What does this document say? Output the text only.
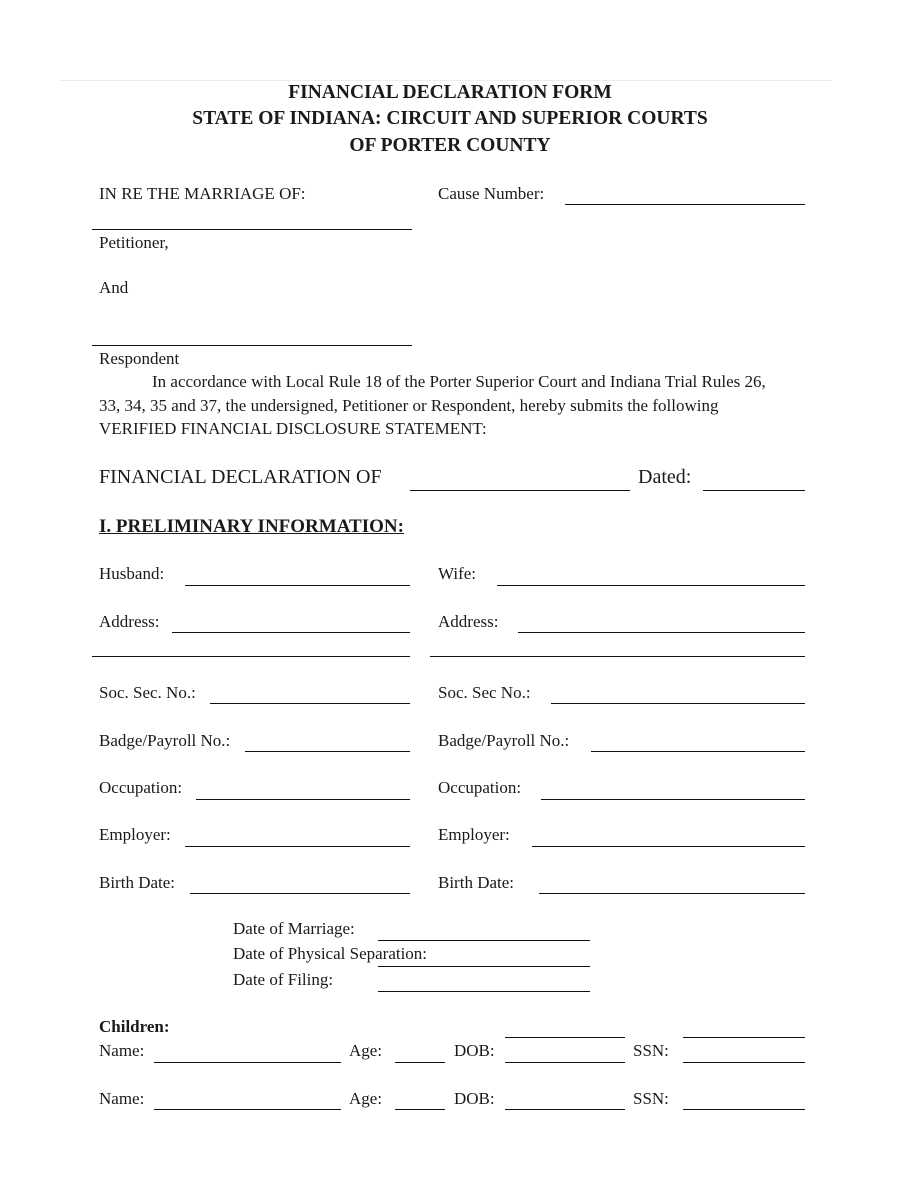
FINANCIAL DECLARATION FORM
STATE OF INDIANA: CIRCUIT AND SUPERIOR COURTS
OF PORTER COUNTY
IN RE THE MARRIAGE OF:	Cause Number:
Petitioner,
And
Respondent
In accordance with Local Rule 18 of the Porter Superior Court and Indiana Trial Rules 26,
33, 34, 35 and 37, the undersigned, Petitioner or Respondent, hereby submits the following
VERIFIED FINANCIAL DISCLOSURE STATEMENT:
FINANCIAL DECLARATION OF	Dated:
I. PRELIMINARY INFORMATION:
Husband:	Wife:
Address:	Address:
Soc. Sec. No.:	Soc. Sec No.:
Badge/Payroll No.:	Badge/Payroll No.:
Occupation:	Occupation:
Employer:	Employer:
Birth Date:	Birth Date:
Date of Marriage:
Date of Physical Separation:
Date of Filing:
Children:
Name:	Age:	DOB:	SSN:
Name:	Age:	DOB:	SSN:
